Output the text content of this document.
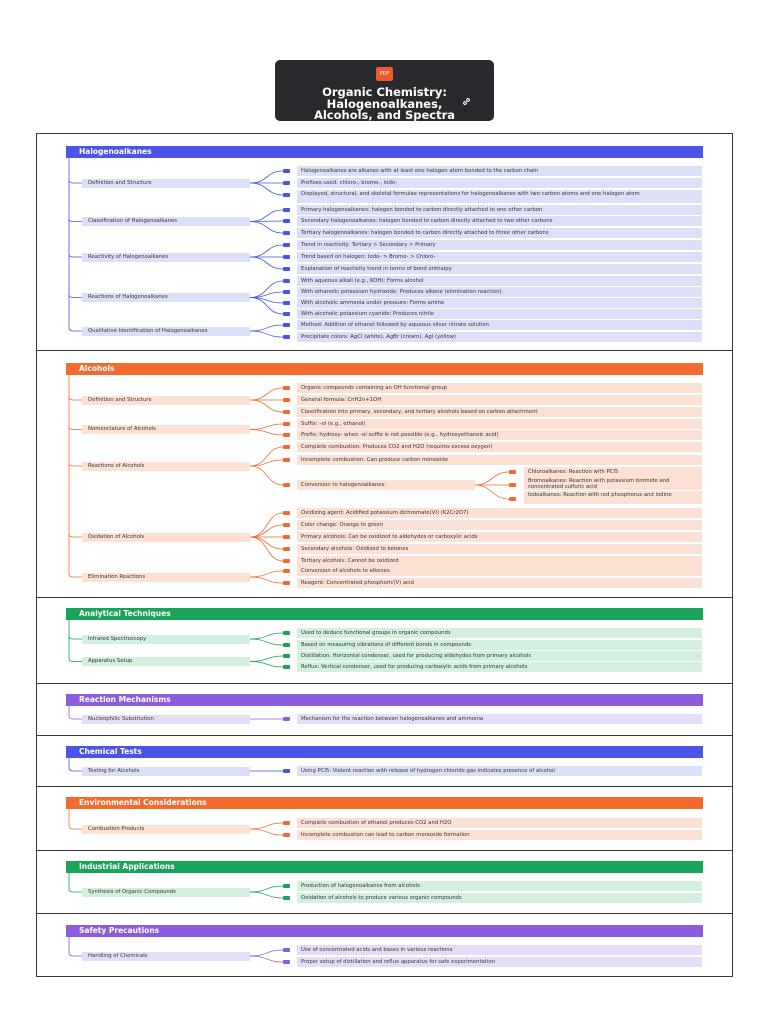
PDF
Organic Chemistry:
Halogenoalkanes,
Alcohols, and Spectra
Halogenoalkanes
Definition and Structure
Halogenoalkanes are alkanes with at least one halogen atom bonded to the carbon chain
Prefixes used: chloro-, bromo-, iodo-
Displayed, structural, and skeletal formulae representations for halogenoalkanes with two carbon atoms and one halogen atom
Classification of Halogenoalkanes
Primary halogenoalkanes: halogen bonded to carbon directly attached to one other carbon
Secondary halogenoalkanes: halogen bonded to carbon directly attached to two other carbons
Tertiary halogenoalkanes: halogen bonded to carbon directly attached to three other carbons
Reactivity of Halogenoalkanes
Trend in reactivity: Tertiary > Secondary > Primary
Trend based on halogen: Iodo- > Bromo- > Chloro-
Explanation of reactivity trend in terms of bond enthalpy
Reactions of Halogenoalkanes
With aqueous alkali (e.g., KOH): Forms alcohol
With ethanolic potassium hydroxide: Produces alkene (elimination reaction)
With alcoholic ammonia under pressure: Forms amine
With alcoholic potassium cyanide: Produces nitrile
Qualitative Identification of Halogenoalkanes
Method: Addition of ethanol followed by aqueous silver nitrate solution
Precipitate colors: AgCl (white), AgBr (cream), AgI (yellow)
Alcohols
Definition and Structure
Organic compounds containing an OH functional group
General formula: CnH2n+1OH
Classification into primary, secondary, and tertiary alcohols based on carbon attachment
Nomenclature of Alcohols
Suffix: -ol (e.g., ethanol)
Prefix: hydroxy- when -ol suffix is not possible (e.g., hydroxyethanoic acid)
Reactions of Alcohols
Complete combustion: Produces CO2 and H2O (requires excess oxygen)
Incomplete combustion: Can produce carbon monoxide
Conversion to halogenoalkanes:
Chloroalkanes: Reaction with PCl5
Bromoalkanes: Reaction with potassium bromide and concentrated sulfuric acid
Iodoalkanes: Reaction with red phosphorus and iodine
Oxidation of Alcohols
Oxidizing agent: Acidified potassium dichromate(VI) (K2Cr2O7)
Color change: Orange to green
Primary alcohols: Can be oxidized to aldehydes or carboxylic acids
Secondary alcohols: Oxidized to ketones
Tertiary alcohols: Cannot be oxidized
Elimination Reactions
Conversion of alcohols to alkenes
Reagent: Concentrated phosphoric(V) acid
Analytical Techniques
Infrared Spectroscopy
Used to deduce functional groups in organic compounds
Based on measuring vibrations of different bonds in compounds
Apparatus Setup
Distillation: Horizontal condenser, used for producing aldehydes from primary alcohols
Reflux: Vertical condenser, used for producing carboxylic acids from primary alcohols
Reaction Mechanisms
Nucleophilic Substitution	Mechanism for the reaction between halogenoalkanes and ammonia
Chemical Tests
Testing for Alcohols	Using PCl5: Violent reaction with release of hydrogen chloride gas indicates presence of alcohol
Environmental Considerations
Combustion Products
Complete combustion of ethanol produces CO2 and H2O
Incomplete combustion can lead to carbon monoxide formation
Industrial Applications
Synthesis of Organic Compounds
Production of halogenoalkanes from alcohols
Oxidation of alcohols to produce various organic compounds
Safety Precautions
Handling of Chemicals
Use of concentrated acids and bases in various reactions
Proper setup of distillation and reflux apparatus for safe experimentation
